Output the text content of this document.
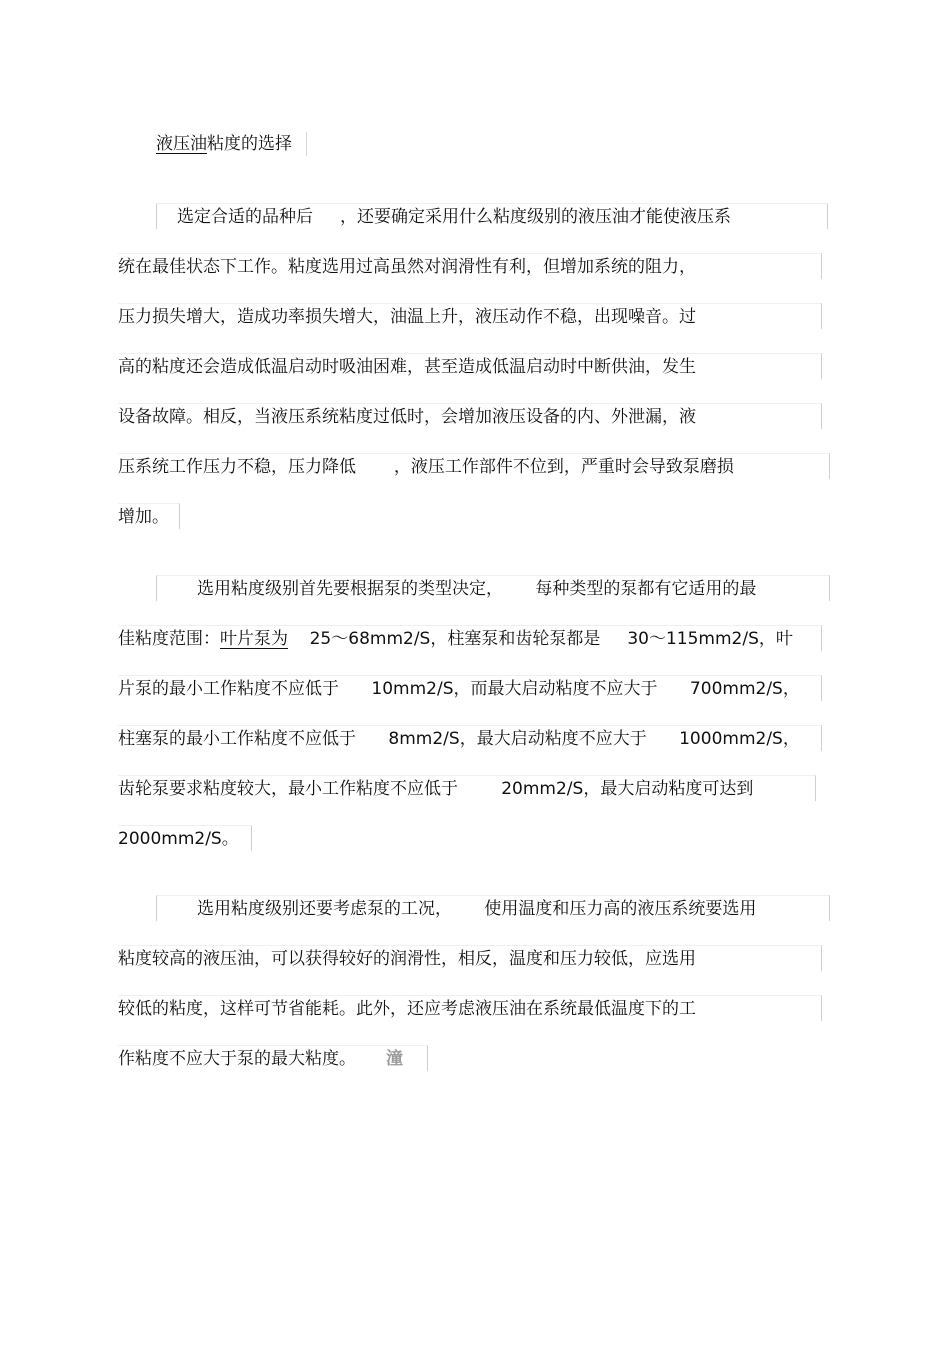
液压油粘度的选择
选定合适的品种后     ，还要确定采用什么粘度级别的液压油才能使液压系
统在最佳状态下工作。粘度选用过高虽然对润滑性有利，但增加系统的阻力，
压力损失增大，造成功率损失增大，油温上升，液压动作不稳，出现噪音。过
高的粘度还会造成低温启动时吸油困难，甚至造成低温启动时中断供油，发生
设备故障。相反，当液压系统粘度过低时，会增加液压设备的内、外泄漏，液
压系统工作压力不稳，压力降低       ，液压工作部件不位到，严重时会导致泵磨损
增加。
选用粘度级别首先要根据泵的类型决定，      每种类型的泵都有它适用的最
佳粘度范围：叶片泵为    25～68mm2/S，柱塞泵和齿轮泵都是     30～115mm2/S，叶
片泵的最小工作粘度不应低于      10mm2/S，而最大启动粘度不应大于      700mm2/S，
柱塞泵的最小工作粘度不应低于      8mm2/S，最大启动粘度不应大于      1000mm2/S，
齿轮泵要求粘度较大，最小工作粘度不应低于        20mm2/S，最大启动粘度可达到
2000mm2/S。
选用粘度级别还要考虑泵的工况，      使用温度和压力高的液压系统要选用
粘度较高的液压油，可以获得较好的润滑性，相反，温度和压力较低，应选用
较低的粘度，这样可节省能耗。此外，还应考虑液压油在系统最低温度下的工
作粘度不应大于泵的最大粘度。 潼
